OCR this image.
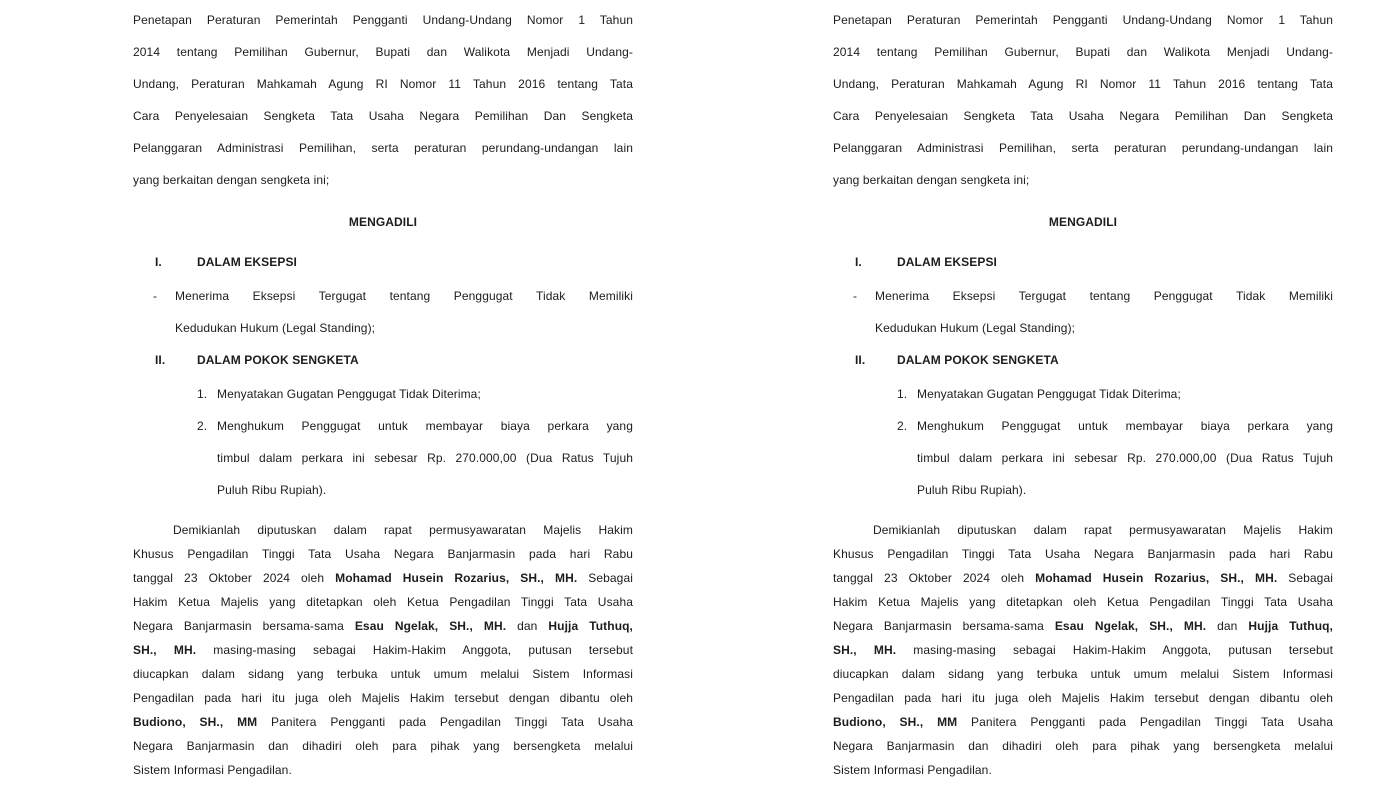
Penetapan Peraturan Pemerintah Pengganti Undang-Undang Nomor 1 Tahun
2014 tentang Pemilihan Gubernur, Bupati dan Walikota Menjadi Undang-
Undang, Peraturan Mahkamah Agung RI Nomor 11 Tahun 2016 tentang Tata
Cara Penyelesaian Sengketa Tata Usaha Negara Pemilihan Dan Sengketa
Pelanggaran Administrasi Pemilihan, serta peraturan perundang-undangan lain
yang berkaitan dengan sengketa ini;
MENGADILI
I.	DALAM EKSEPSI
- Menerima Eksepsi Tergugat tentang Penggugat Tidak Memiliki
Kedudukan Hukum (Legal Standing);
II.	DALAM POKOK SENGKETA
1. Menyatakan Gugatan Penggugat Tidak Diterima;
2. Menghukum Penggugat untuk membayar biaya perkara yang
timbul dalam perkara ini sebesar Rp. 270.000,00 (Dua Ratus Tujuh
Puluh Ribu Rupiah).
Demikianlah diputuskan dalam rapat permusyawaratan Majelis Hakim
Khusus Pengadilan Tinggi Tata Usaha Negara Banjarmasin pada hari Rabu
tanggal 23 Oktober 2024 oleh Mohamad Husein Rozarius, SH., MH. Sebagai
Hakim Ketua Majelis yang ditetapkan oleh Ketua Pengadilan Tinggi Tata Usaha
Negara Banjarmasin bersama-sama Esau Ngelak, SH., MH. dan Hujja Tuthuq,
SH., MH. masing-masing sebagai Hakim-Hakim Anggota, putusan tersebut
diucapkan dalam sidang yang terbuka untuk umum melalui Sistem Informasi
Pengadilan pada hari itu juga oleh Majelis Hakim tersebut dengan dibantu oleh
Budiono, SH., MM Panitera Pengganti pada Pengadilan Tinggi Tata Usaha
Negara Banjarmasin dan dihadiri oleh para pihak yang bersengketa melalui
Sistem Informasi Pengadilan.
Penetapan Peraturan Pemerintah Pengganti Undang-Undang Nomor 1 Tahun
2014 tentang Pemilihan Gubernur, Bupati dan Walikota Menjadi Undang-
Undang, Peraturan Mahkamah Agung RI Nomor 11 Tahun 2016 tentang Tata
Cara Penyelesaian Sengketa Tata Usaha Negara Pemilihan Dan Sengketa
Pelanggaran Administrasi Pemilihan, serta peraturan perundang-undangan lain
yang berkaitan dengan sengketa ini;
MENGADILI
I.	DALAM EKSEPSI
- Menerima Eksepsi Tergugat tentang Penggugat Tidak Memiliki
Kedudukan Hukum (Legal Standing);
II.	DALAM POKOK SENGKETA
1. Menyatakan Gugatan Penggugat Tidak Diterima;
2. Menghukum Penggugat untuk membayar biaya perkara yang
timbul dalam perkara ini sebesar Rp. 270.000,00 (Dua Ratus Tujuh
Puluh Ribu Rupiah).
Demikianlah diputuskan dalam rapat permusyawaratan Majelis Hakim
Khusus Pengadilan Tinggi Tata Usaha Negara Banjarmasin pada hari Rabu
tanggal 23 Oktober 2024 oleh Mohamad Husein Rozarius, SH., MH. Sebagai
Hakim Ketua Majelis yang ditetapkan oleh Ketua Pengadilan Tinggi Tata Usaha
Negara Banjarmasin bersama-sama Esau Ngelak, SH., MH. dan Hujja Tuthuq,
SH., MH. masing-masing sebagai Hakim-Hakim Anggota, putusan tersebut
diucapkan dalam sidang yang terbuka untuk umum melalui Sistem Informasi
Pengadilan pada hari itu juga oleh Majelis Hakim tersebut dengan dibantu oleh
Budiono, SH., MM Panitera Pengganti pada Pengadilan Tinggi Tata Usaha
Negara Banjarmasin dan dihadiri oleh para pihak yang bersengketa melalui
Sistem Informasi Pengadilan.
